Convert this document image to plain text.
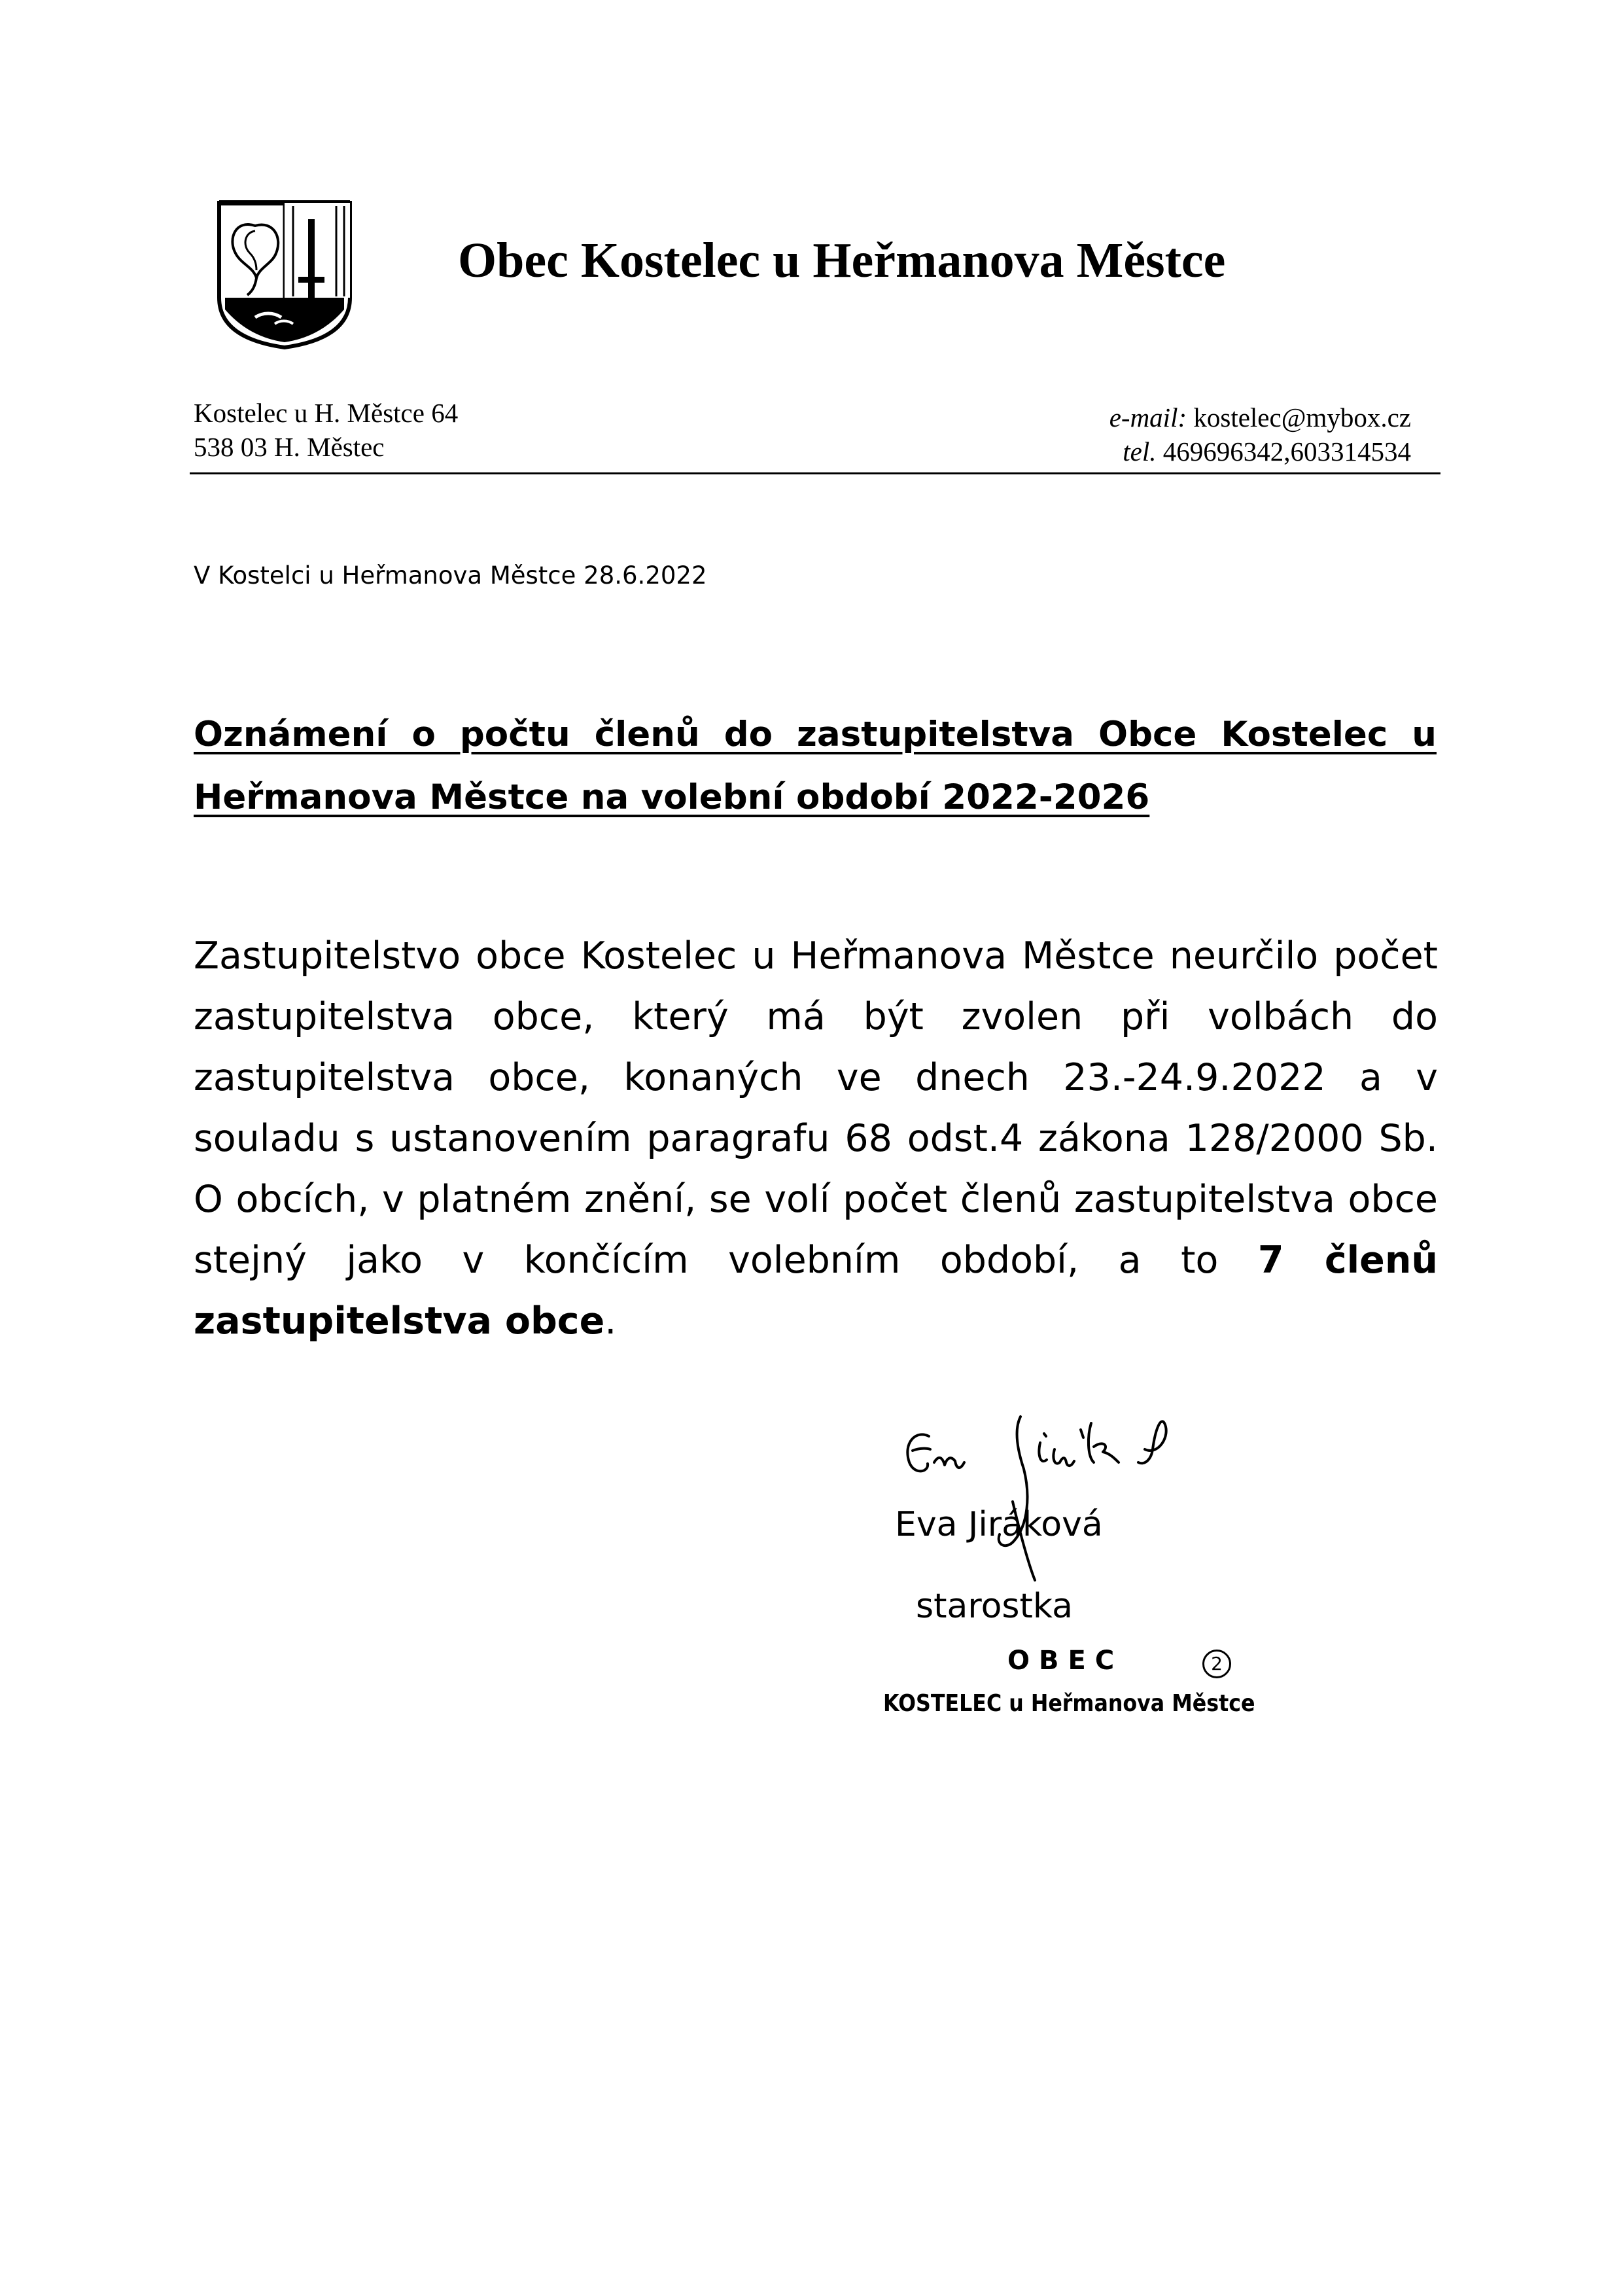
Obec Kostelec u Heřmanova Městce
Kostelec u H. Městce 64
538 03 H. Městec
e-mail: kostelec@mybox.cz
tel. 469696342,603314534
V Kostelci u Heřmanova Městce 28.6.2022
Oznámení o počtu členů do zastupitelstva Obce Kostelec u
Heřmanova Městce na volební období 2022-2026
Zastupitelstvo obce Kostelec u Heřmanova Městce neurčilo počet zastupitelstva obce, který má být zvolen při volbách do zastupitelstva obce, konaných ve dnech 23.-24.9.2022 a v souladu s ustanovením paragrafu 68 odst.4 zákona 128/2000 Sb. O obcích, v platném znění, se volí počet členů zastupitelstva obce stejný jako v končícím volebním období, a to 7 členů zastupitelstva obce.
Eva Jiráková
starostka
OBEC	2
KOSTELEC u Heřmanova Městce
